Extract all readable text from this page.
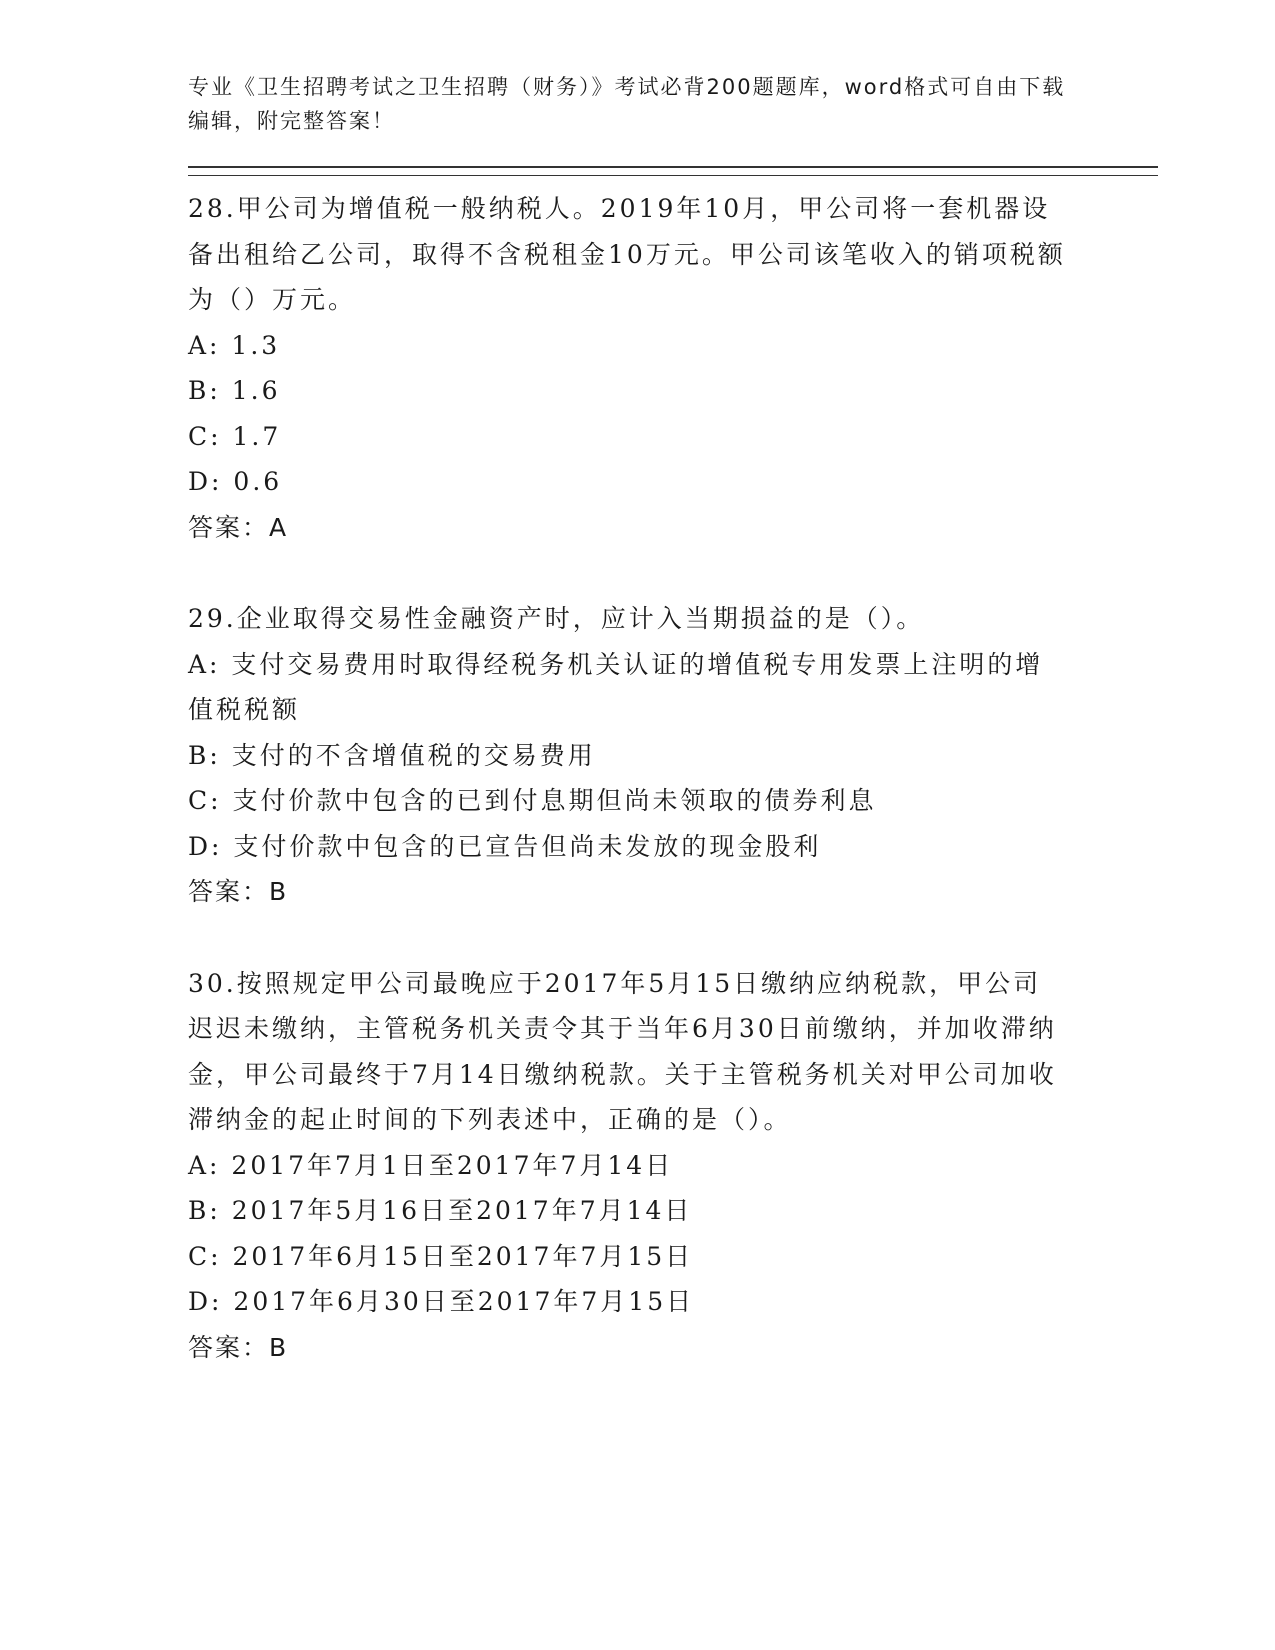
专业《卫生招聘考试之卫生招聘（财务）》考试必背200题题库，word格式可自由下载编辑，附完整答案！

28.甲公司为增值税一般纳税人。2019年10月，甲公司将一套机器设备出租给乙公司，取得不含税租金10万元。甲公司该笔收入的销项税额为（）万元。

A: 1.3

B: 1.6

C: 1.7

D: 0.6

答案：A

29.企业取得交易性金融资产时，应计入当期损益的是（）。

A: 支付交易费用时取得经税务机关认证的增值税专用发票上注明的增值税税额

B: 支付的不含增值税的交易费用

C: 支付价款中包含的已到付息期但尚未领取的债券利息

D: 支付价款中包含的已宣告但尚未发放的现金股利

答案：B

30.按照规定甲公司最晚应于2017年5月15日缴纳应纳税款，甲公司迟迟未缴纳，主管税务机关责令其于当年6月30日前缴纳，并加收滞纳金，甲公司最终于7月14日缴纳税款。关于主管税务机关对甲公司加收滞纳金的起止时间的下列表述中，正确的是（）。

A: 2017年7月1日至2017年7月14日

B: 2017年5月16日至2017年7月14日

C: 2017年6月15日至2017年7月15日

D: 2017年6月30日至2017年7月15日

答案：B
